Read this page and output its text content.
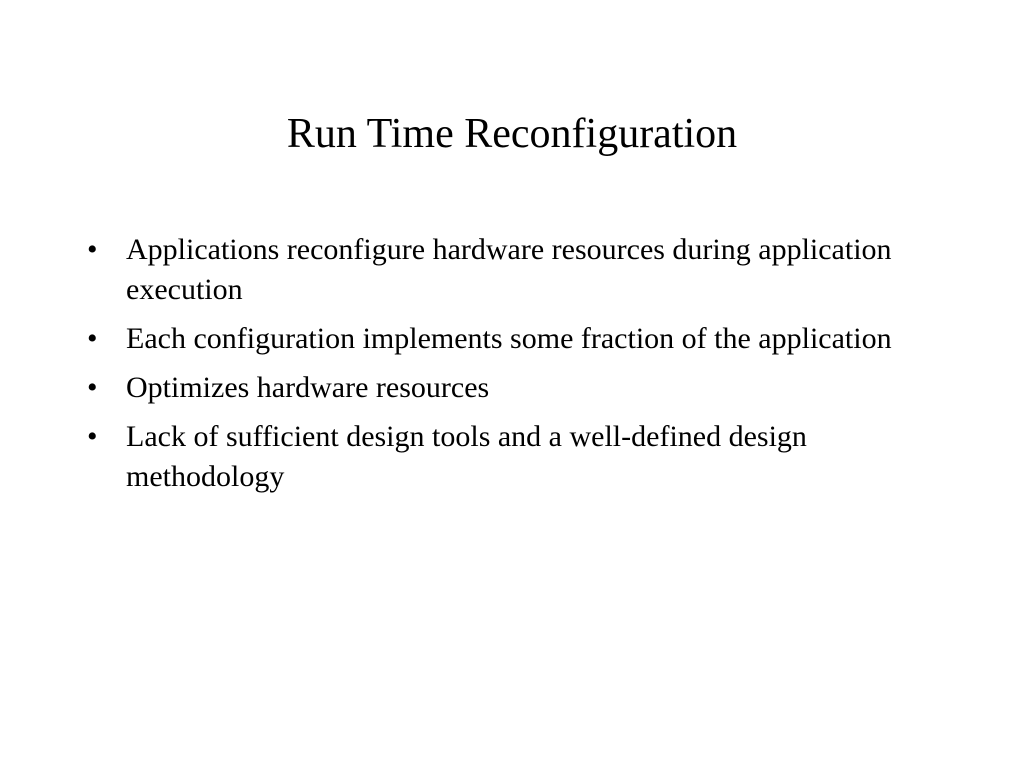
Run Time Reconfiguration
• Applications reconfigure hardware resources during application execution
• Each configuration implements some fraction of the application
• Optimizes hardware resources
• Lack of sufficient design tools and a well-defined design methodology
